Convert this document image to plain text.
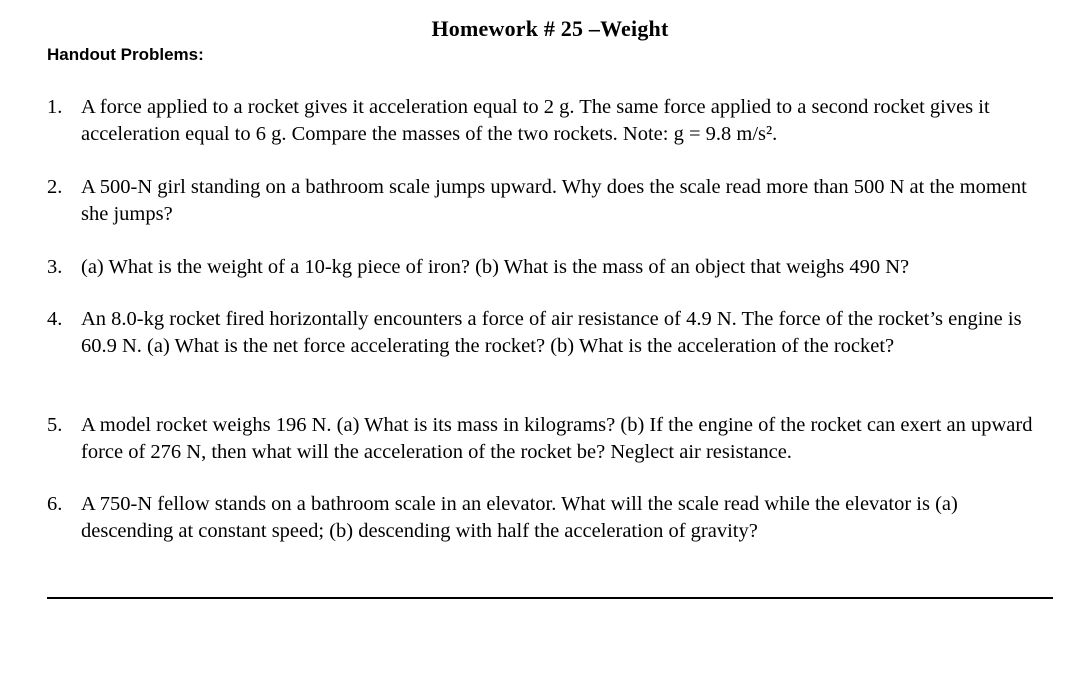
Homework # 25 –Weight
Handout Problems:
1. A force applied to a rocket gives it acceleration equal to 2 g. The same force applied to a second rocket gives it acceleration equal to 6 g. Compare the masses of the two rockets. Note: g = 9.8 m/s².
2. A 500-N girl standing on a bathroom scale jumps upward. Why does the scale read more than 500 N at the moment she jumps?
3. (a) What is the weight of a 10-kg piece of iron? (b) What is the mass of an object that weighs 490 N?
4. An 8.0-kg rocket fired horizontally encounters a force of air resistance of 4.9 N. The force of the rocket’s engine is 60.9 N. (a) What is the net force accelerating the rocket? (b) What is the acceleration of the rocket?
5. A model rocket weighs 196 N. (a) What is its mass in kilograms? (b) If the engine of the rocket can exert an upward force of 276 N, then what will the acceleration of the rocket be? Neglect air resistance.
6. A 750-N fellow stands on a bathroom scale in an elevator. What will the scale read while the elevator is (a) descending at constant speed; (b) descending with half the acceleration of gravity?
